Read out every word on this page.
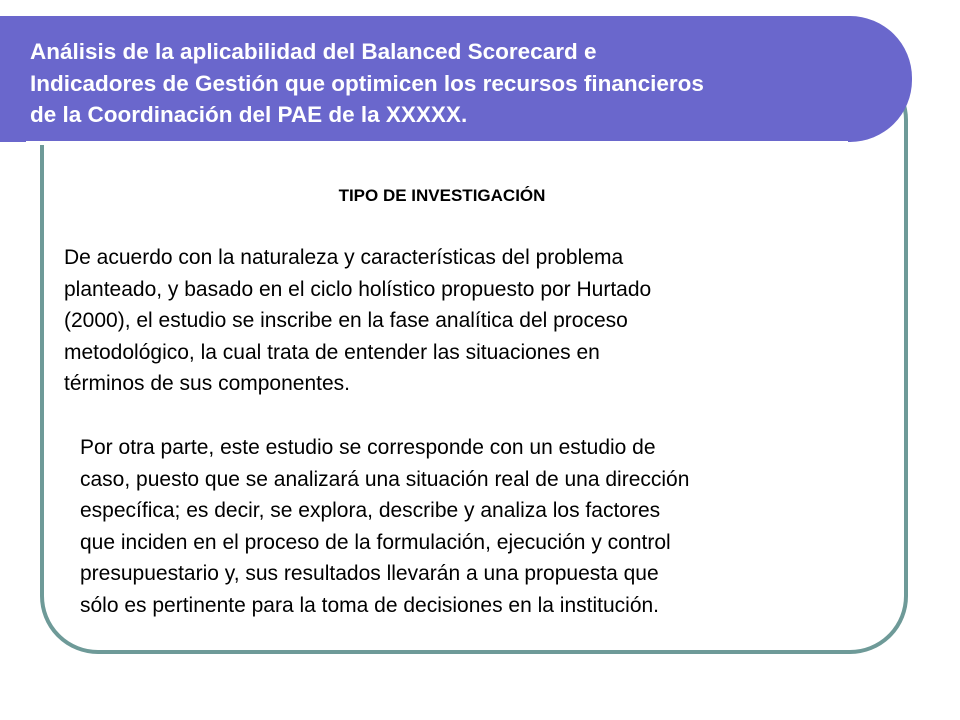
Análisis de la aplicabilidad del Balanced Scorecard e
Indicadores de Gestión que optimicen los recursos financieros
de la Coordinación del PAE de la XXXXX.
TIPO DE INVESTIGACIÓN
De acuerdo con la naturaleza y características del problema
planteado, y basado en el ciclo holístico propuesto por Hurtado
(2000), el estudio se inscribe en la fase analítica del proceso
metodológico, la cual trata de entender las situaciones en
términos de sus componentes.
Por otra parte, este estudio se corresponde con un estudio de
caso, puesto que se analizará una situación real de una dirección
específica; es decir, se explora, describe y analiza los factores
que inciden en el proceso de la formulación, ejecución y control
presupuestario y, sus resultados llevarán a una propuesta que
sólo es pertinente para la toma de decisiones en la institución.
